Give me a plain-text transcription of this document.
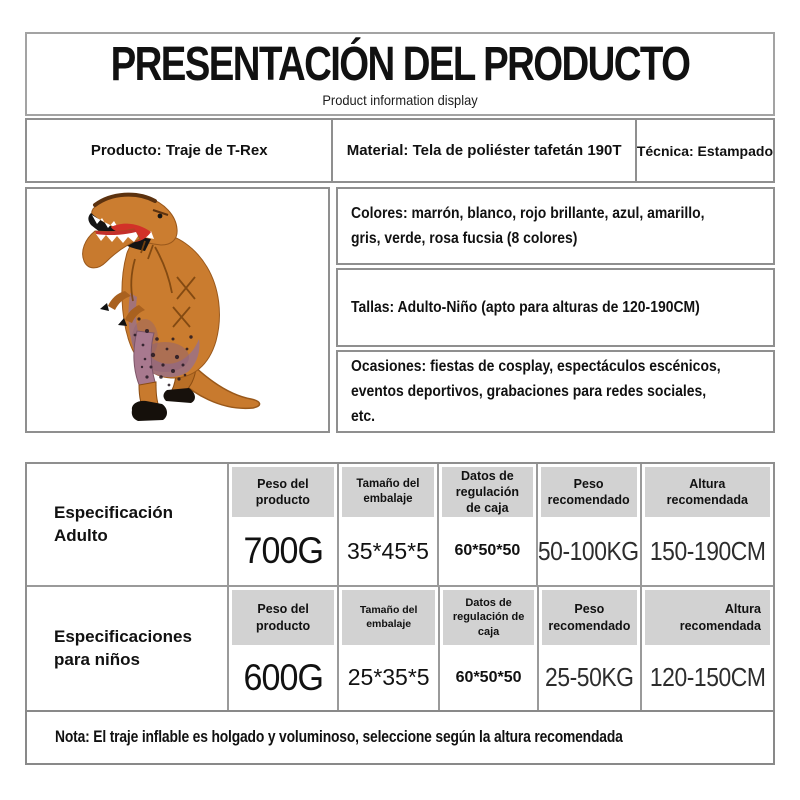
PRESENTACIÓN DEL PRODUCTO
Product information display
Producto: Traje de T-Rex	Material: Tela de poliéster tafetán 190T	Técnica: Estampado
Colores: marrón, blanco, rojo brillante, azul, amarillo,
gris, verde, rosa fucsia (8 colores)
Tallas: Adulto-Niño (apto para alturas de 120-190CM)
Ocasiones: fiestas de cosplay, espectáculos escénicos,
eventos deportivos, grabaciones para redes sociales,
etc.
Especificación Adulto
Peso del producto
700G
Tamaño del embalaje
35*45*5
Datos de regulación de caja
60*50*50
Peso recomendado
50-100KG
Altura recomendada
150-190CM
Especificaciones para niños
Peso del producto
600G
Tamaño del embalaje
25*35*5
Datos de regulación de caja
60*50*50
Peso recomendado
25-50KG
Altura recomendada
120-150CM
Nota: El traje inflable es holgado y voluminoso, seleccione según la altura recomendada
